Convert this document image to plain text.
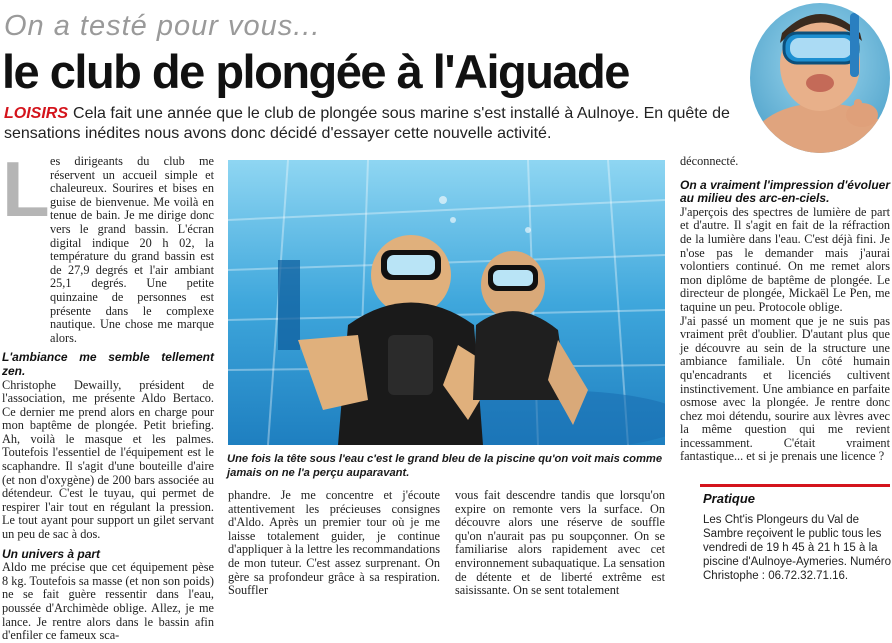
On a testé pour vous...
le club de plongée à l'Aiguade
LOISIRS Cela fait une année que le club de plongée sous marine s'est installé à Aulnoye. En quête de sensations inédites nous avons donc décidé d'essayer cette nouvelle activité.
L es dirigeants du club me réservent un accueil simple et chaleureux. Sourires et bises en guise de bienvenue. Me voilà en tenue de bain. Je me dirige donc vers le grand bassin. L'écran digital indique 20 h 02, la température du grand bassin est de 27,9 degrés et l'air ambiant 25,1 degrés. Une petite quinzaine de personnes est présente dans le complexe nautique. Une chose me marque alors.

L'ambiance me semble tellement zen.

Christophe Dewailly, président de l'association, me présente Aldo Bertaco. Ce dernier me prend alors en charge pour mon baptême de plongée. Petit briefing. Ah, voilà le masque et les palmes. Toutefois l'essentiel de l'équipement est le scaphandre. Il s'agit d'une bouteille d'aire (et non d'oxygène) de 200 bars associée au détendeur. C'est le tuyau, qui permet de respirer l'air tout en régulant la pression. Le tout ayant pour support un gilet servant un peu de sac à dos.

Un univers à part

Aldo me précise que cet équipement pèse 8 kg. Toutefois sa masse (et non son poids) ne se fait guère ressentir dans l'eau, poussée d'Archimède oblige. Allez, je me lance. Je rentre alors dans le bassin afin d'enfiler ce fameux sca-

Une fois la tête sous l'eau c'est le grand bleu de la piscine qu'on voit mais comme jamais on ne l'a perçu auparavant.

phandre. Je me concentre et j'écoute attentivement les précieuses consignes d'Aldo. Après un premier tour où je me laisse totalement guider, je continue d'appliquer à la lettre les recommandations de mon tuteur. C'est assez surprenant. On gère sa profondeur grâce à sa respiration. Souffler

vous fait descendre tandis que lorsqu'on expire on remonte vers la surface. On découvre alors une réserve de souffle qu'on n'aurait pas pu soupçonner. On se familiarise alors rapidement avec cet environnement subaquatique. La sensation de détente et de liberté extrême est saisissante. On se sent totalement

déconnecté.

On a vraiment l'impression d'évoluer au milieu des arc-en-ciels.

J'aperçois des spectres de lumière de part et d'autre. Il s'agit en fait de la réfraction de la lumière dans l'eau. C'est déjà fini. Je n'ose pas le demander mais j'aurai volontiers continué. On me remet alors mon diplôme de baptême de plongée. Le directeur de plongée, Mickaël Le Pen, me taquine un peu. Protocole oblige.

J'ai passé un moment que je ne suis pas vraiment prêt d'oublier. D'autant plus que je découvre au sein de la structure une ambiance familiale. Un côté humain qu'encadrants et licenciés cultivent instinctivement. Une ambiance en parfaite osmose avec la plongée. Je rentre donc chez moi détendu, sourire aux lèvres avec la même question qui me revient incessamment. C'était vraiment fantastique... et si je prenais une licence ?

Pratique
Les Cht'is Plongeurs du Val de Sambre reçoivent le public tous les vendredi de 19 h 45 à 21 h 15 à la piscine d'Aulnoye-Aymeries. Numéro Christophe : 06.72.32.71.16.
